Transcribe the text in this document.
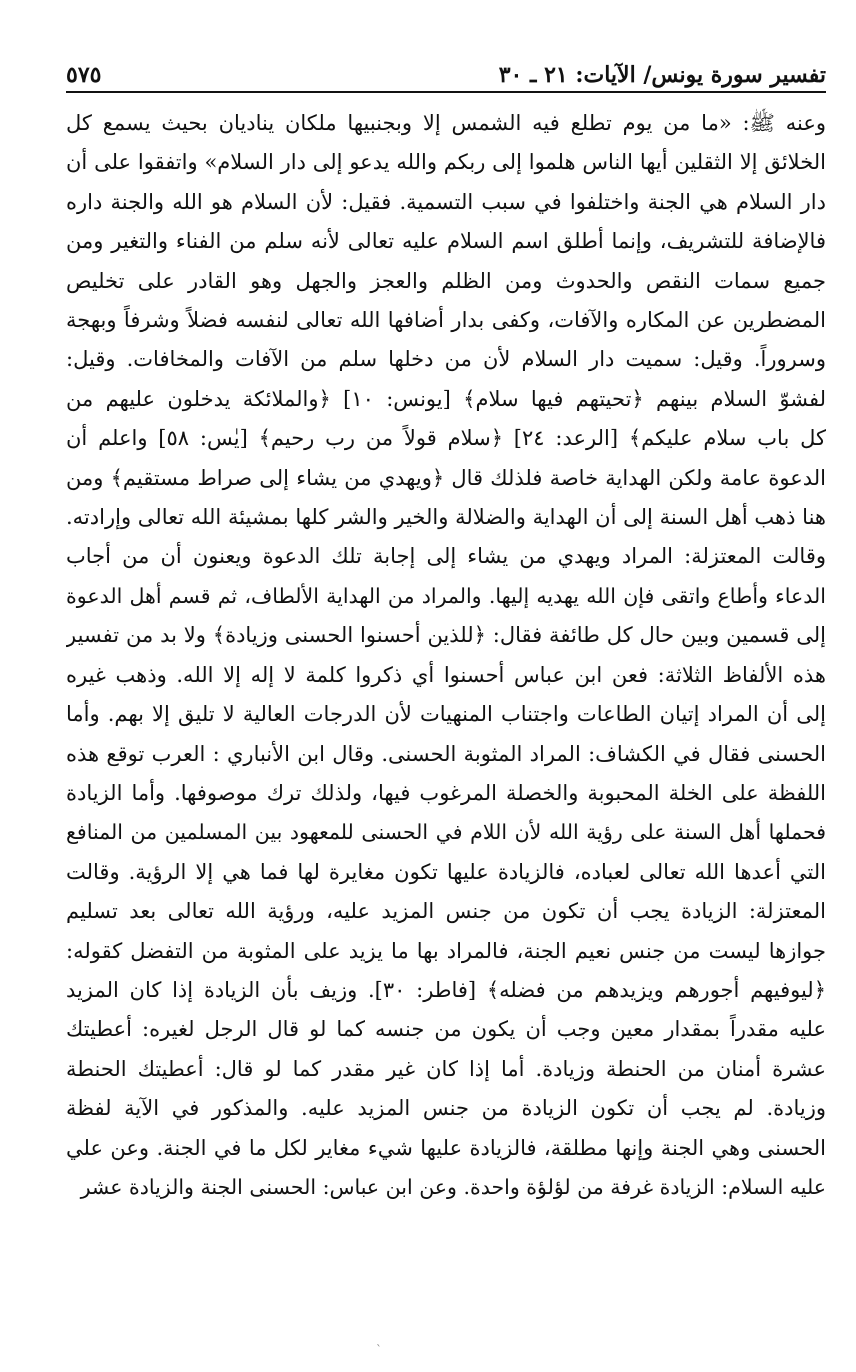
٥٧٥	تفسير سورة يونس/ الآيات: ٢١ ـ ٣٠
وعنه ﷺ: «ما من يوم تطلع فيه الشمس إلا وبجنبيها ملكان يناديان بحيث يسمع كل
الخلائق إلا الثقلين أيها الناس هلموا إلى ربكم والله يدعو إلى دار السلام» واتفقوا على أن
دار السلام هي الجنة واختلفوا في سبب التسمية. فقيل: لأن السلام هو الله والجنة داره
فالإضافة للتشريف، وإنما أطلق اسم السلام عليه تعالى لأنه سلم من الفناء والتغير ومن
جميع سمات النقص والحدوث ومن الظلم والعجز والجهل وهو القادر على تخليص
المضطرين عن المكاره والآفات، وكفى بدار أضافها الله تعالى لنفسه فضلاً وشرفاً وبهجة
وسروراً. وقيل: سميت دار السلام لأن من دخلها سلم من الآفات والمخافات. وقيل:
لفشوّ السلام بينهم ﴿تحيتهم فيها سلام﴾ [يونس: ١٠] ﴿والملائكة يدخلون عليهم من
كل باب سلام عليكم﴾ [الرعد: ٢٤] ﴿سلام قولاً من رب رحيم﴾ [يٰس: ٥٨] واعلم أن
الدعوة عامة ولكن الهداية خاصة فلذلك قال ﴿ويهدي من يشاء إلى صراط مستقيم﴾ ومن
هنا ذهب أهل السنة إلى أن الهداية والضلالة والخير والشر كلها بمشيئة الله تعالى وإرادته.
وقالت المعتزلة: المراد ويهدي من يشاء إلى إجابة تلك الدعوة ويعنون أن من أجاب
الدعاء وأطاع واتقى فإن الله يهديه إليها. والمراد من الهداية الألطاف، ثم قسم أهل الدعوة
إلى قسمين وبين حال كل طائفة فقال: ﴿للذين أحسنوا الحسنى وزيادة﴾ ولا بد من تفسير
هذه الألفاظ الثلاثة: فعن ابن عباس أحسنوا أي ذكروا كلمة لا إله إلا الله. وذهب غيره
إلى أن المراد إتيان الطاعات واجتناب المنهيات لأن الدرجات العالية لا تليق إلا بهم. وأما
الحسنى فقال في الكشاف: المراد المثوبة الحسنى. وقال ابن الأنباري : العرب توقع هذه
اللفظة على الخلة المحبوبة والخصلة المرغوب فيها، ولذلك ترك موصوفها. وأما الزيادة
فحملها أهل السنة على رؤية الله لأن اللام في الحسنى للمعهود بين المسلمين من المنافع
التي أعدها الله تعالى لعباده، فالزيادة عليها تكون مغايرة لها فما هي إلا الرؤية. وقالت
المعتزلة: الزيادة يجب أن تكون من جنس المزيد عليه، ورؤية الله تعالى بعد تسليم
جوازها ليست من جنس نعيم الجنة، فالمراد بها ما يزيد على المثوبة من التفضل كقوله:
﴿ليوفيهم أجورهم ويزيدهم من فضله﴾ [فاطر: ٣٠]. وزيف بأن الزيادة إذا كان المزيد
عليه مقدراً بمقدار معين وجب أن يكون من جنسه كما لو قال الرجل لغيره: أعطيتك
عشرة أمنان من الحنطة وزيادة. أما إذا كان غير مقدر كما لو قال: أعطيتك الحنطة
وزيادة. لم يجب أن تكون الزيادة من جنس المزيد عليه. والمذكور في الآية لفظة
الحسنى وهي الجنة وإنها مطلقة، فالزيادة عليها شيء مغاير لكل ما في الجنة. وعن علي
عليه السلام: الزيادة غرفة من لؤلؤة واحدة. وعن ابن عباس: الحسنى الجنة والزيادة عشر
`
